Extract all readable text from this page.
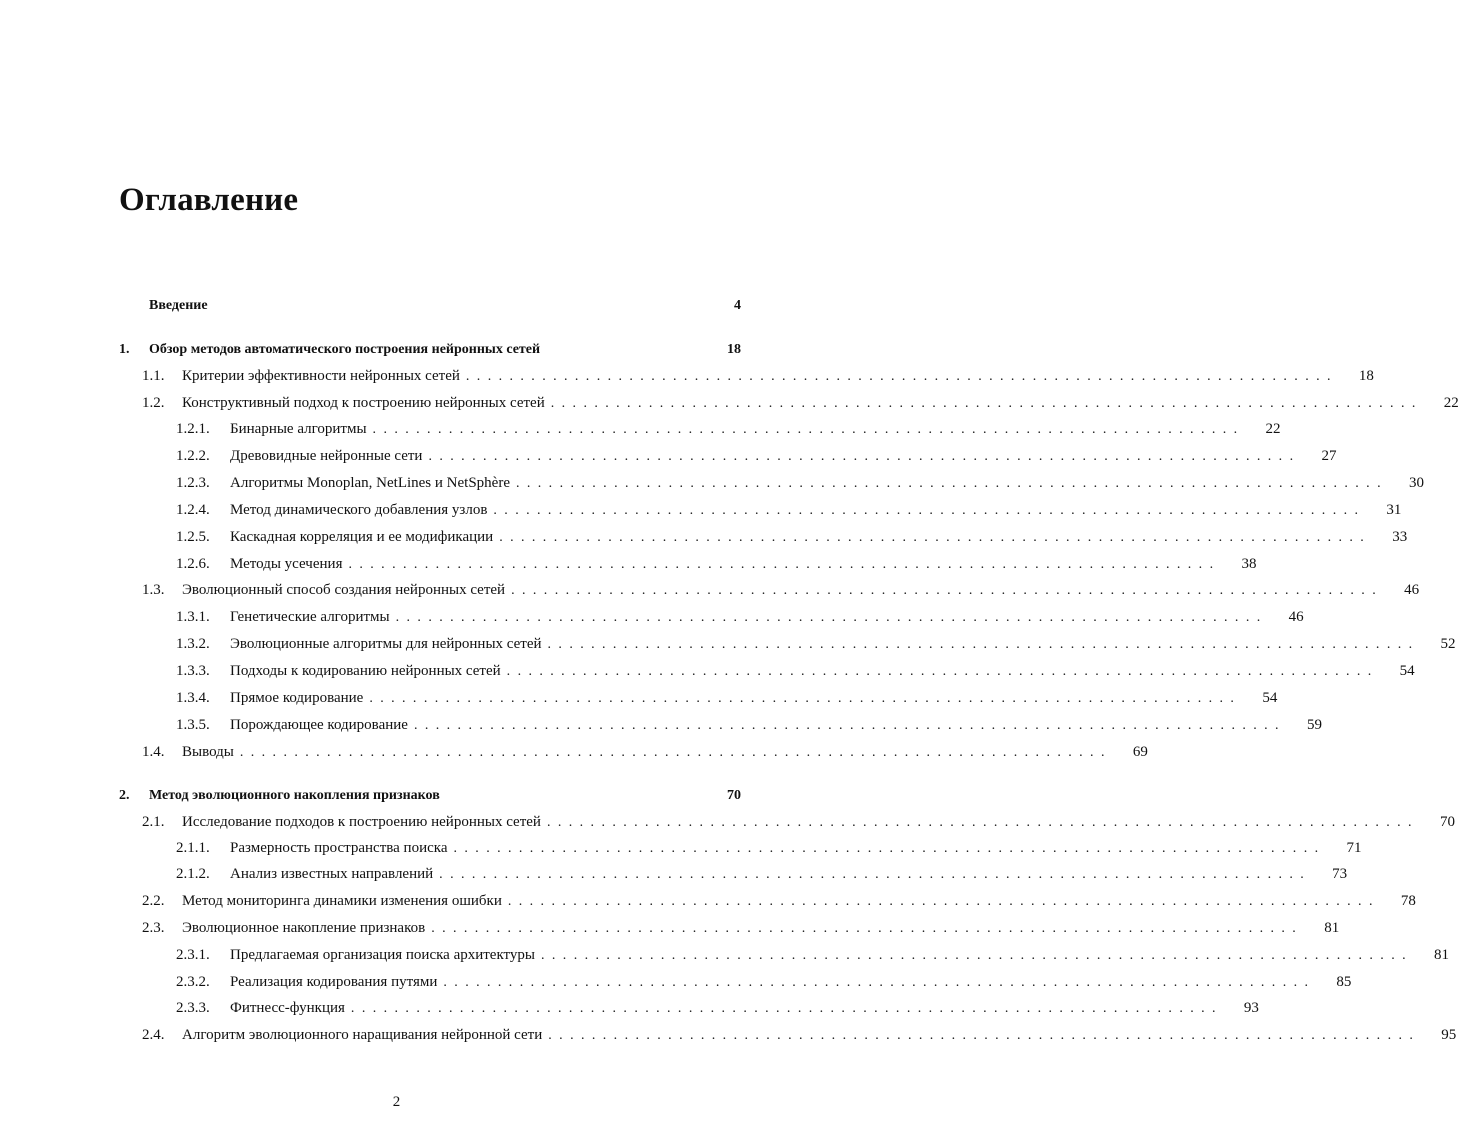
Оглавление
Введение	4
1.	Обзор методов автоматического построения нейронных сетей	18
1.1.	Критерии эффективности нейронных сетей ................................................................................	18
1.2.	Конструктивный подход к построению нейронных сетей ................................................................................	22
1.2.1.	Бинарные алгоритмы ................................................................................	22
1.2.2.	Древовидные нейронные сети ................................................................................	27
1.2.3.	Алгоритмы Monoplan, NetLines и NetSphère ................................................................................	30
1.2.4.	Метод динамического добавления узлов ................................................................................	31
1.2.5.	Каскадная корреляция и ее модификации ................................................................................	33
1.2.6.	Методы усечения ................................................................................	38
1.3.	Эволюционный способ создания нейронных сетей ................................................................................	46
1.3.1.	Генетические алгоритмы ................................................................................	46
1.3.2.	Эволюционные алгоритмы для нейронных сетей ................................................................................	52
1.3.3.	Подходы к кодированию нейронных сетей ................................................................................	54
1.3.4.	Прямое кодирование ................................................................................	54
1.3.5.	Порождающее кодирование ................................................................................	59
1.4.	Выводы ................................................................................	69
2.	Метод эволюционного накопления признаков	70
2.1.	Исследование подходов к построению нейронных сетей ................................................................................	70
2.1.1.	Размерность пространства поиска ................................................................................	71
2.1.2.	Анализ известных направлений ................................................................................	73
2.2.	Метод мониторинга динамики изменения ошибки ................................................................................	78
2.3.	Эволюционное накопление признаков ................................................................................	81
2.3.1.	Предлагаемая организация поиска архитектуры ................................................................................	81
2.3.2.	Реализация кодирования путями ................................................................................	85
2.3.3.	Фитнесс-функция ................................................................................	93
2.4.	Алгоритм эволюционного наращивания нейронной сети ................................................................................	95
2
